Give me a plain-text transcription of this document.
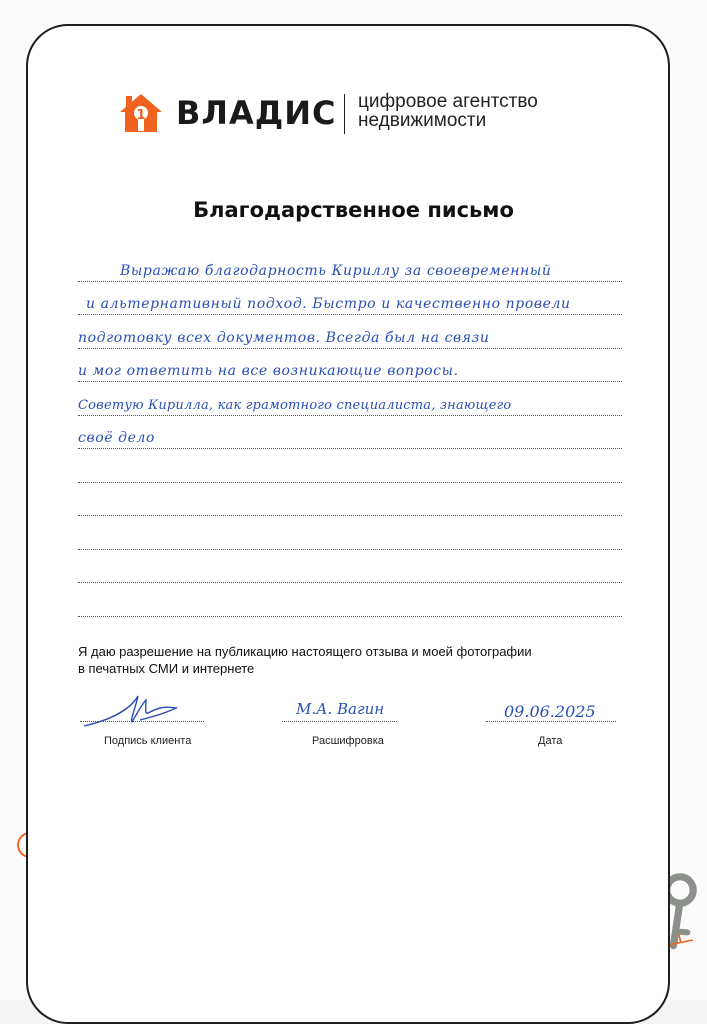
1 ВЛАДИС цифровое агентство
недвижимости
Благодарственное письмо
Выражаю благодарность Кириллу за своевременный
и альтернативный подход. Быстро и качественно провели
подготовку всех документов. Всегда был на связи
и мог ответить на все возникающие вопросы.
Советую Кирилла, как грамотного специалиста, знающего
своё дело
Я даю разрешение на публикацию настоящего отзыва и моей фотографии
в печатных СМИ и интернете
М.А. Вагин	09.06.2025
Подпись клиента	Расшифровка	Дата
